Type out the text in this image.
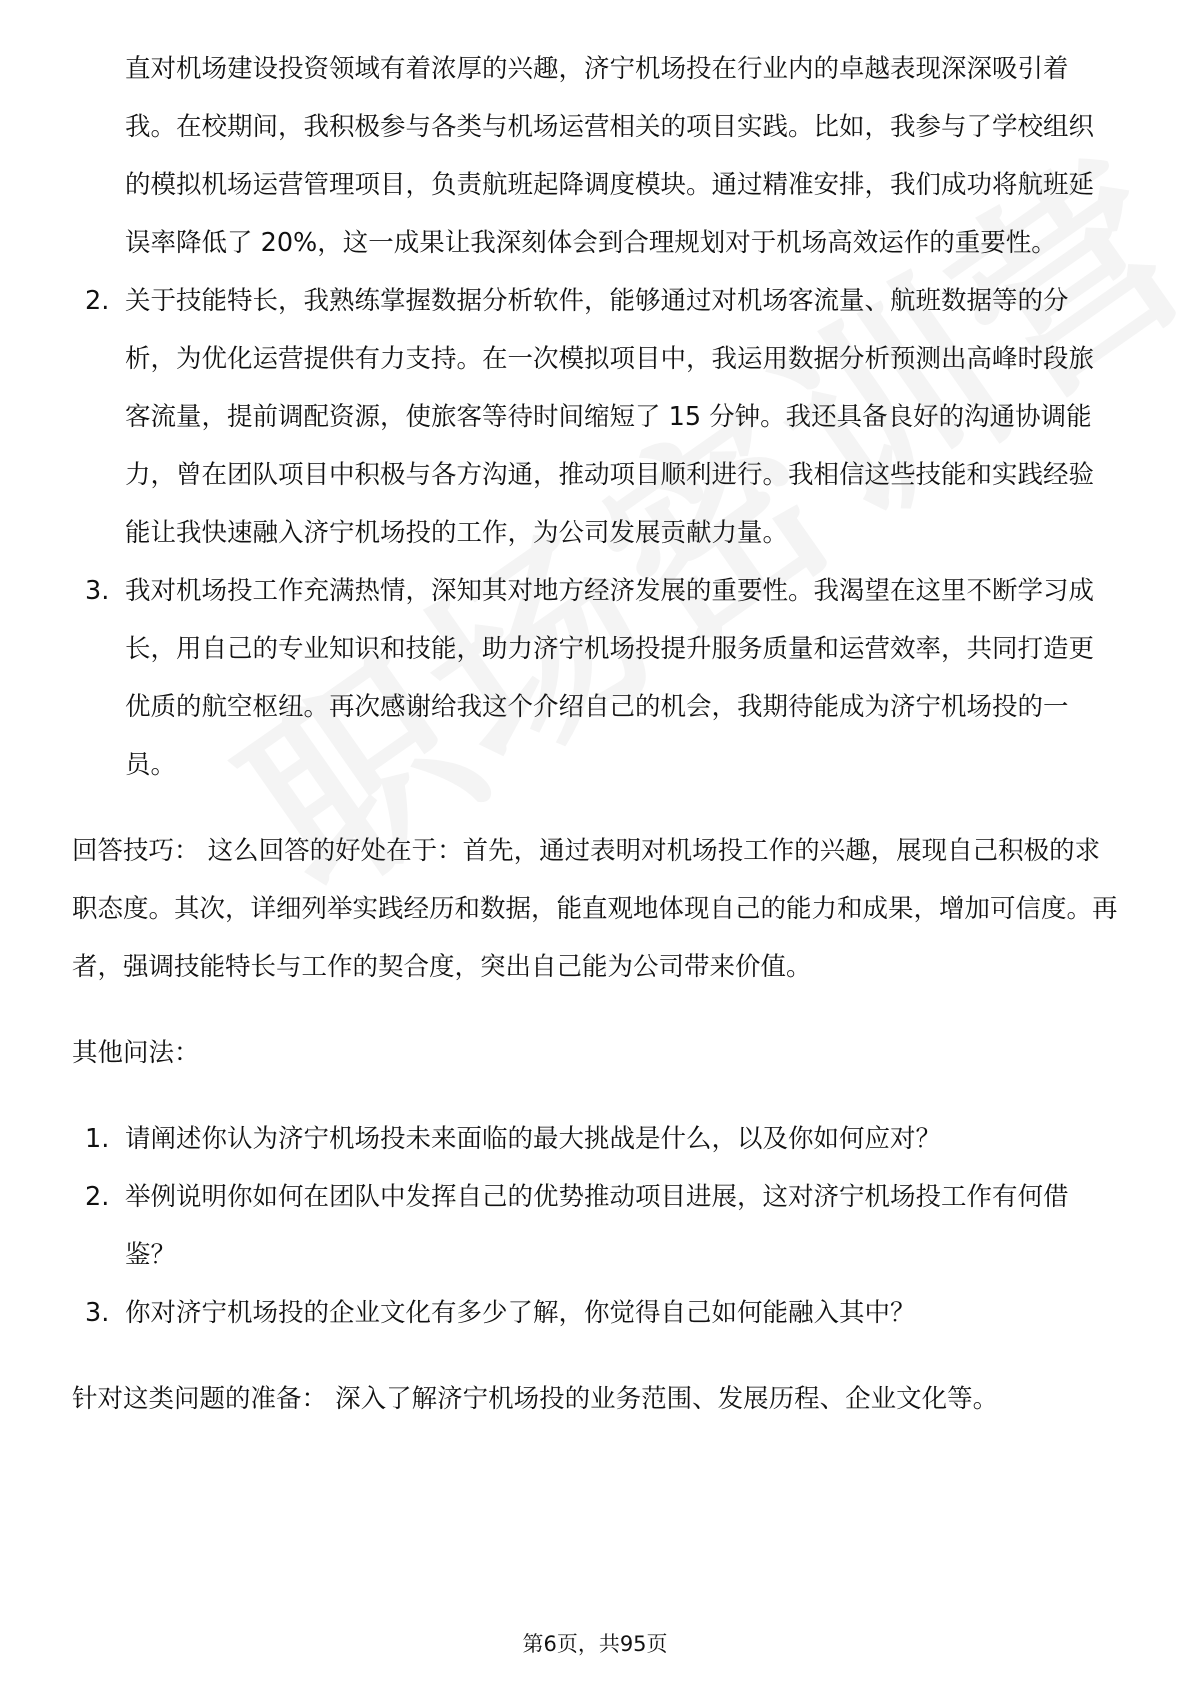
直对机场建设投资领域有着浓厚的兴趣，济宁机场投在行业内的卓越表现深深吸引着我。在校期间，我积极参与各类与机场运营相关的项目实践。比如，我参与了学校组织的模拟机场运营管理项目，负责航班起降调度模块。通过精准安排，我们成功将航班延误率降低了 20%，这一成果让我深刻体会到合理规划对于机场高效运作的重要性。

2. 关于技能特长，我熟练掌握数据分析软件，能够通过对机场客流量、航班数据等的分析，为优化运营提供有力支持。在一次模拟项目中，我运用数据分析预测出高峰时段旅客流量，提前调配资源，使旅客等待时间缩短了 15 分钟。我还具备良好的沟通协调能力，曾在团队项目中积极与各方沟通，推动项目顺利进行。我相信这些技能和实践经验能让我快速融入济宁机场投的工作，为公司发展贡献力量。
3. 我对机场投工作充满热情，深知其对地方经济发展的重要性。我渴望在这里不断学习成长，用自己的专业知识和技能，助力济宁机场投提升服务质量和运营效率，共同打造更优质的航空枢纽。再次感谢给我这个介绍自己的机会，我期待能成为济宁机场投的一员。

回答技巧： 这么回答的好处在于：首先，通过表明对机场投工作的兴趣，展现自己积极的求职态度。其次，详细列举实践经历和数据，能直观地体现自己的能力和成果，增加可信度。再者，强调技能特长与工作的契合度，突出自己能为公司带来价值。

其他问法：

1. 请阐述你认为济宁机场投未来面临的最大挑战是什么，以及你如何应对？
2. 举例说明你如何在团队中发挥自己的优势推动项目进展，这对济宁机场投工作有何借鉴？
3. 你对济宁机场投的企业文化有多少了解，你觉得自己如何能融入其中？

针对这类问题的准备： 深入了解济宁机场投的业务范围、发展历程、企业文化等。

第6页，共95页
